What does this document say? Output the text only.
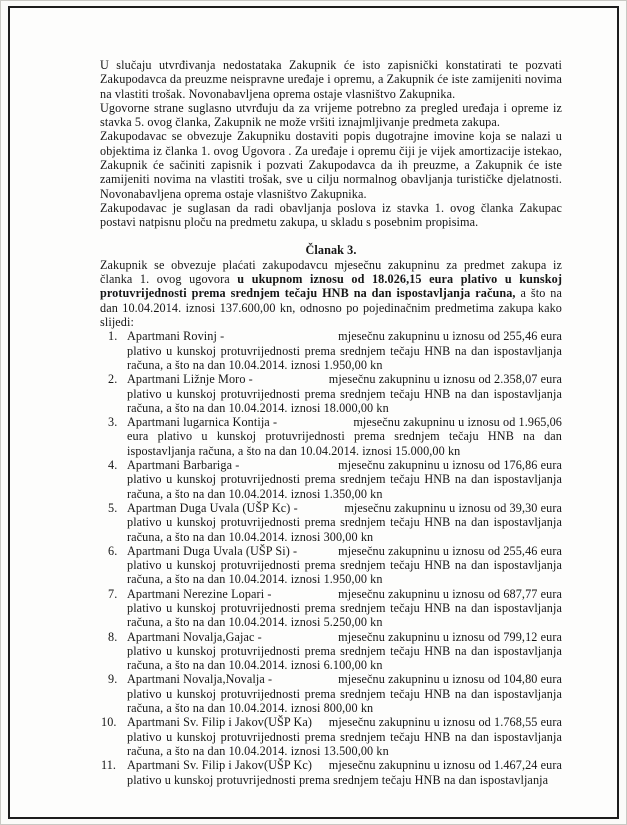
U slučaju utvrđivanja nedostataka Zakupnik će isto zapisnički konstatirati te pozvati Zakupodavca da preuzme neispravne uređaje i opremu, a Zakupnik će iste zamijeniti novima na vlastiti trošak. Novonabavljena oprema ostaje vlasništvo Zakupnika.

Ugovorne strane suglasno utvrđuju da za vrijeme potrebno za pregled uređaja i opreme iz stavka 5. ovog članka, Zakupnik ne može vršiti iznajmljivanje predmeta zakupa.

Zakupodavac se obvezuje Zakupniku dostaviti popis dugotrajne imovine koja se nalazi u objektima iz članka 1. ovog Ugovora . Za uređaje i opremu čiji je vijek amortizacije istekao, Zakupnik će sačiniti zapisnik i pozvati Zakupodavca da ih preuzme, a Zakupnik će iste zamijeniti novima na vlastiti trošak, sve u cilju normalnog obavljanja turističke djelatnosti. Novonabavljena oprema ostaje vlasništvo Zakupnika.

Zakupodavac je suglasan da radi obavljanja poslova iz stavka 1. ovog članka Zakupac postavi natpisnu ploču na predmetu zakupa, u skladu s posebnim propisima.

Članak 3.

Zakupnik se obvezuje plaćati zakupodavcu mjesečnu zakupninu za predmet zakupa iz članka 1. ovog ugovora u ukupnom iznosu od 18.026,15 eura plativo u kunskoj protuvrijednosti prema srednjem tečaju HNB na dan ispostavljanja računa, a što na dan 10.04.2014. iznosi 137.600,00 kn, odnosno po pojedinačnim predmetima zakupa kako slijedi:

1. Apartmani Rovinj -	mjesečnu zakupninu u iznosu od 255,46 eura
plativo u kunskoj protuvrijednosti prema srednjem tečaju HNB na dan ispostavljanja računa, a što na dan 10.04.2014. iznosi 1.950,00 kn
2. Apartmani Ližnje Moro -	mjesečnu zakupninu u iznosu od 2.358,07 eura
plativo u kunskoj protuvrijednosti prema srednjem tečaju HNB na dan ispostavljanja računa, a što na dan 10.04.2014. iznosi 18.000,00 kn
3. Apartmani lugarnica Kontija -	mjesečnu zakupninu u iznosu od 1.965,06
eura plativo u kunskoj protuvrijednosti prema srednjem tečaju HNB na dan ispostavljanja računa, a što na dan 10.04.2014. iznosi 15.000,00 kn
4. Apartmani Barbariga -	mjesečnu zakupninu u iznosu od 176,86 eura
plativo u kunskoj protuvrijednosti prema srednjem tečaju HNB na dan ispostavljanja računa, a što na dan 10.04.2014. iznosi 1.350,00 kn
5. Apartman Duga Uvala (UŠP Kc) -	mjesečnu zakupninu u iznosu od 39,30 eura
plativo u kunskoj protuvrijednosti prema srednjem tečaju HNB na dan ispostavljanja računa, a što na dan 10.04.2014. iznosi 300,00 kn
6. Apartmani Duga Uvala (UŠP Si) -	mjesečnu zakupninu u iznosu od 255,46 eura
plativo u kunskoj protuvrijednosti prema srednjem tečaju HNB na dan ispostavljanja računa, a što na dan 10.04.2014. iznosi 1.950,00 kn
7. Apartmani Nerezine Lopari -	mjesečnu zakupninu u iznosu od 687,77 eura
plativo u kunskoj protuvrijednosti prema srednjem tečaju HNB na dan ispostavljanja računa, a što na dan 10.04.2014. iznosi 5.250,00 kn
8. Apartmani Novalja,Gajac -	mjesečnu zakupninu u iznosu od 799,12 eura
plativo u kunskoj protuvrijednosti prema srednjem tečaju HNB na dan ispostavljanja računa, a što na dan 10.04.2014. iznosi 6.100,00 kn
9. Apartmani Novalja,Novalja -	mjesečnu zakupninu u iznosu od 104,80 eura
plativo u kunskoj protuvrijednosti prema srednjem tečaju HNB na dan ispostavljanja računa, a što na dan 10.04.2014. iznosi 800,00 kn
10. Apartmani Sv. Filip i Jakov(UŠP Ka)	mjesečnu zakupninu u iznosu od 1.768,55 eura
plativo u kunskoj protuvrijednosti prema srednjem tečaju HNB na dan ispostavljanja računa, a što na dan 10.04.2014. iznosi 13.500,00 kn
11. Apartmani Sv. Filip i Jakov(UŠP Kc)	mjesečnu zakupninu u iznosu od 1.467,24 eura
plativo u kunskoj protuvrijednosti prema srednjem tečaju HNB na dan ispostavljanja
